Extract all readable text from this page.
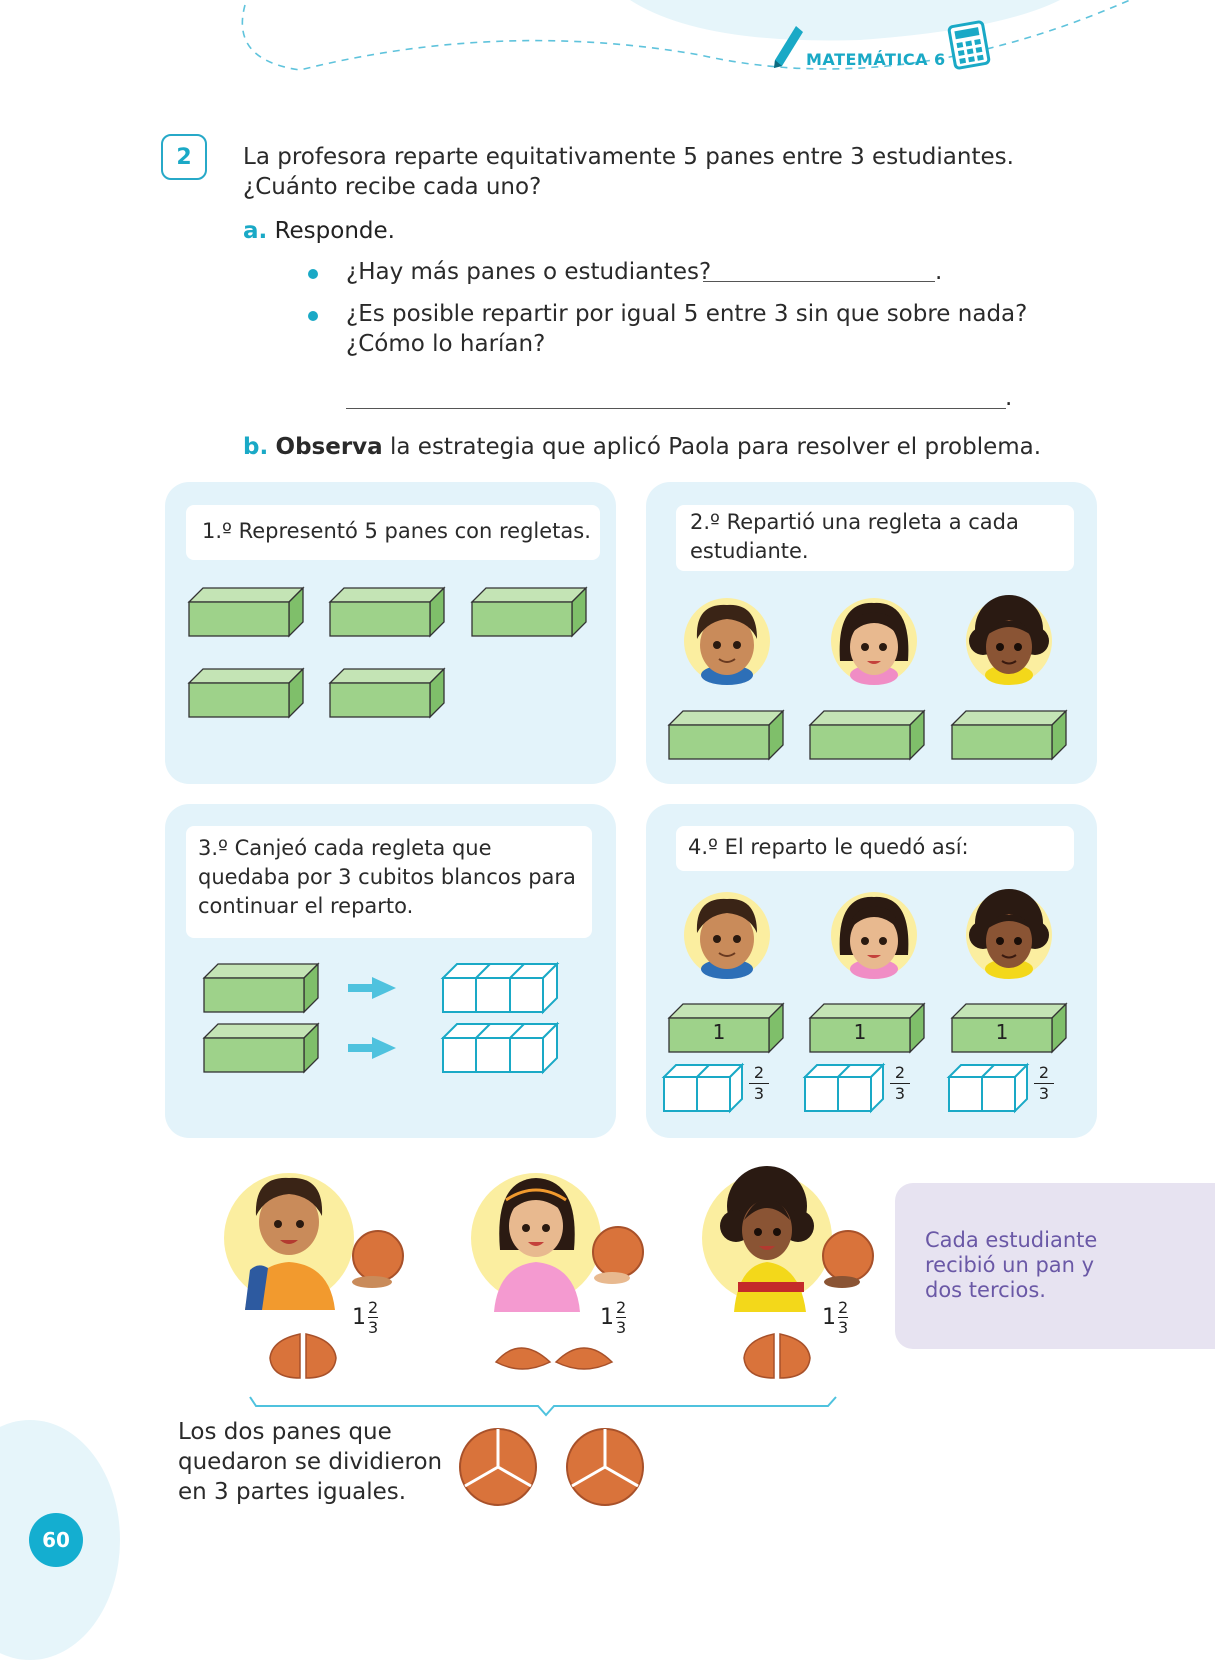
MATEMÁTICA 6
2	La profesora reparte equitativamente 5 panes entre 3 estudiantes. ¿Cuánto recibe cada uno?
a. Responde.
¿Hay más panes o estudiantes?	.
¿Es posible repartir por igual 5 entre 3 sin que sobre nada? ¿Cómo lo harían?
.
b. Observa la estrategia que aplicó Paola para resolver el problema.
1.º Representó 5 panes con regletas.	2.º Repartió una regleta a cada estudiante.
3.º Canjeó cada regleta que quedaba por 3 cubitos blancos para continuar el reparto.
4.º El reparto le quedó así:
1	1	1
$\frac{2}{3}$	$\frac{2}{3}$	$\frac{2}{3}$
$1 \frac{2}{3}$	$1 \frac{2}{3}$	$1 \frac{2}{3}$
Cada estudiante recibió un pan y dos tercios.
Los dos panes que quedaron se dividieron en 3 partes iguales.
60
